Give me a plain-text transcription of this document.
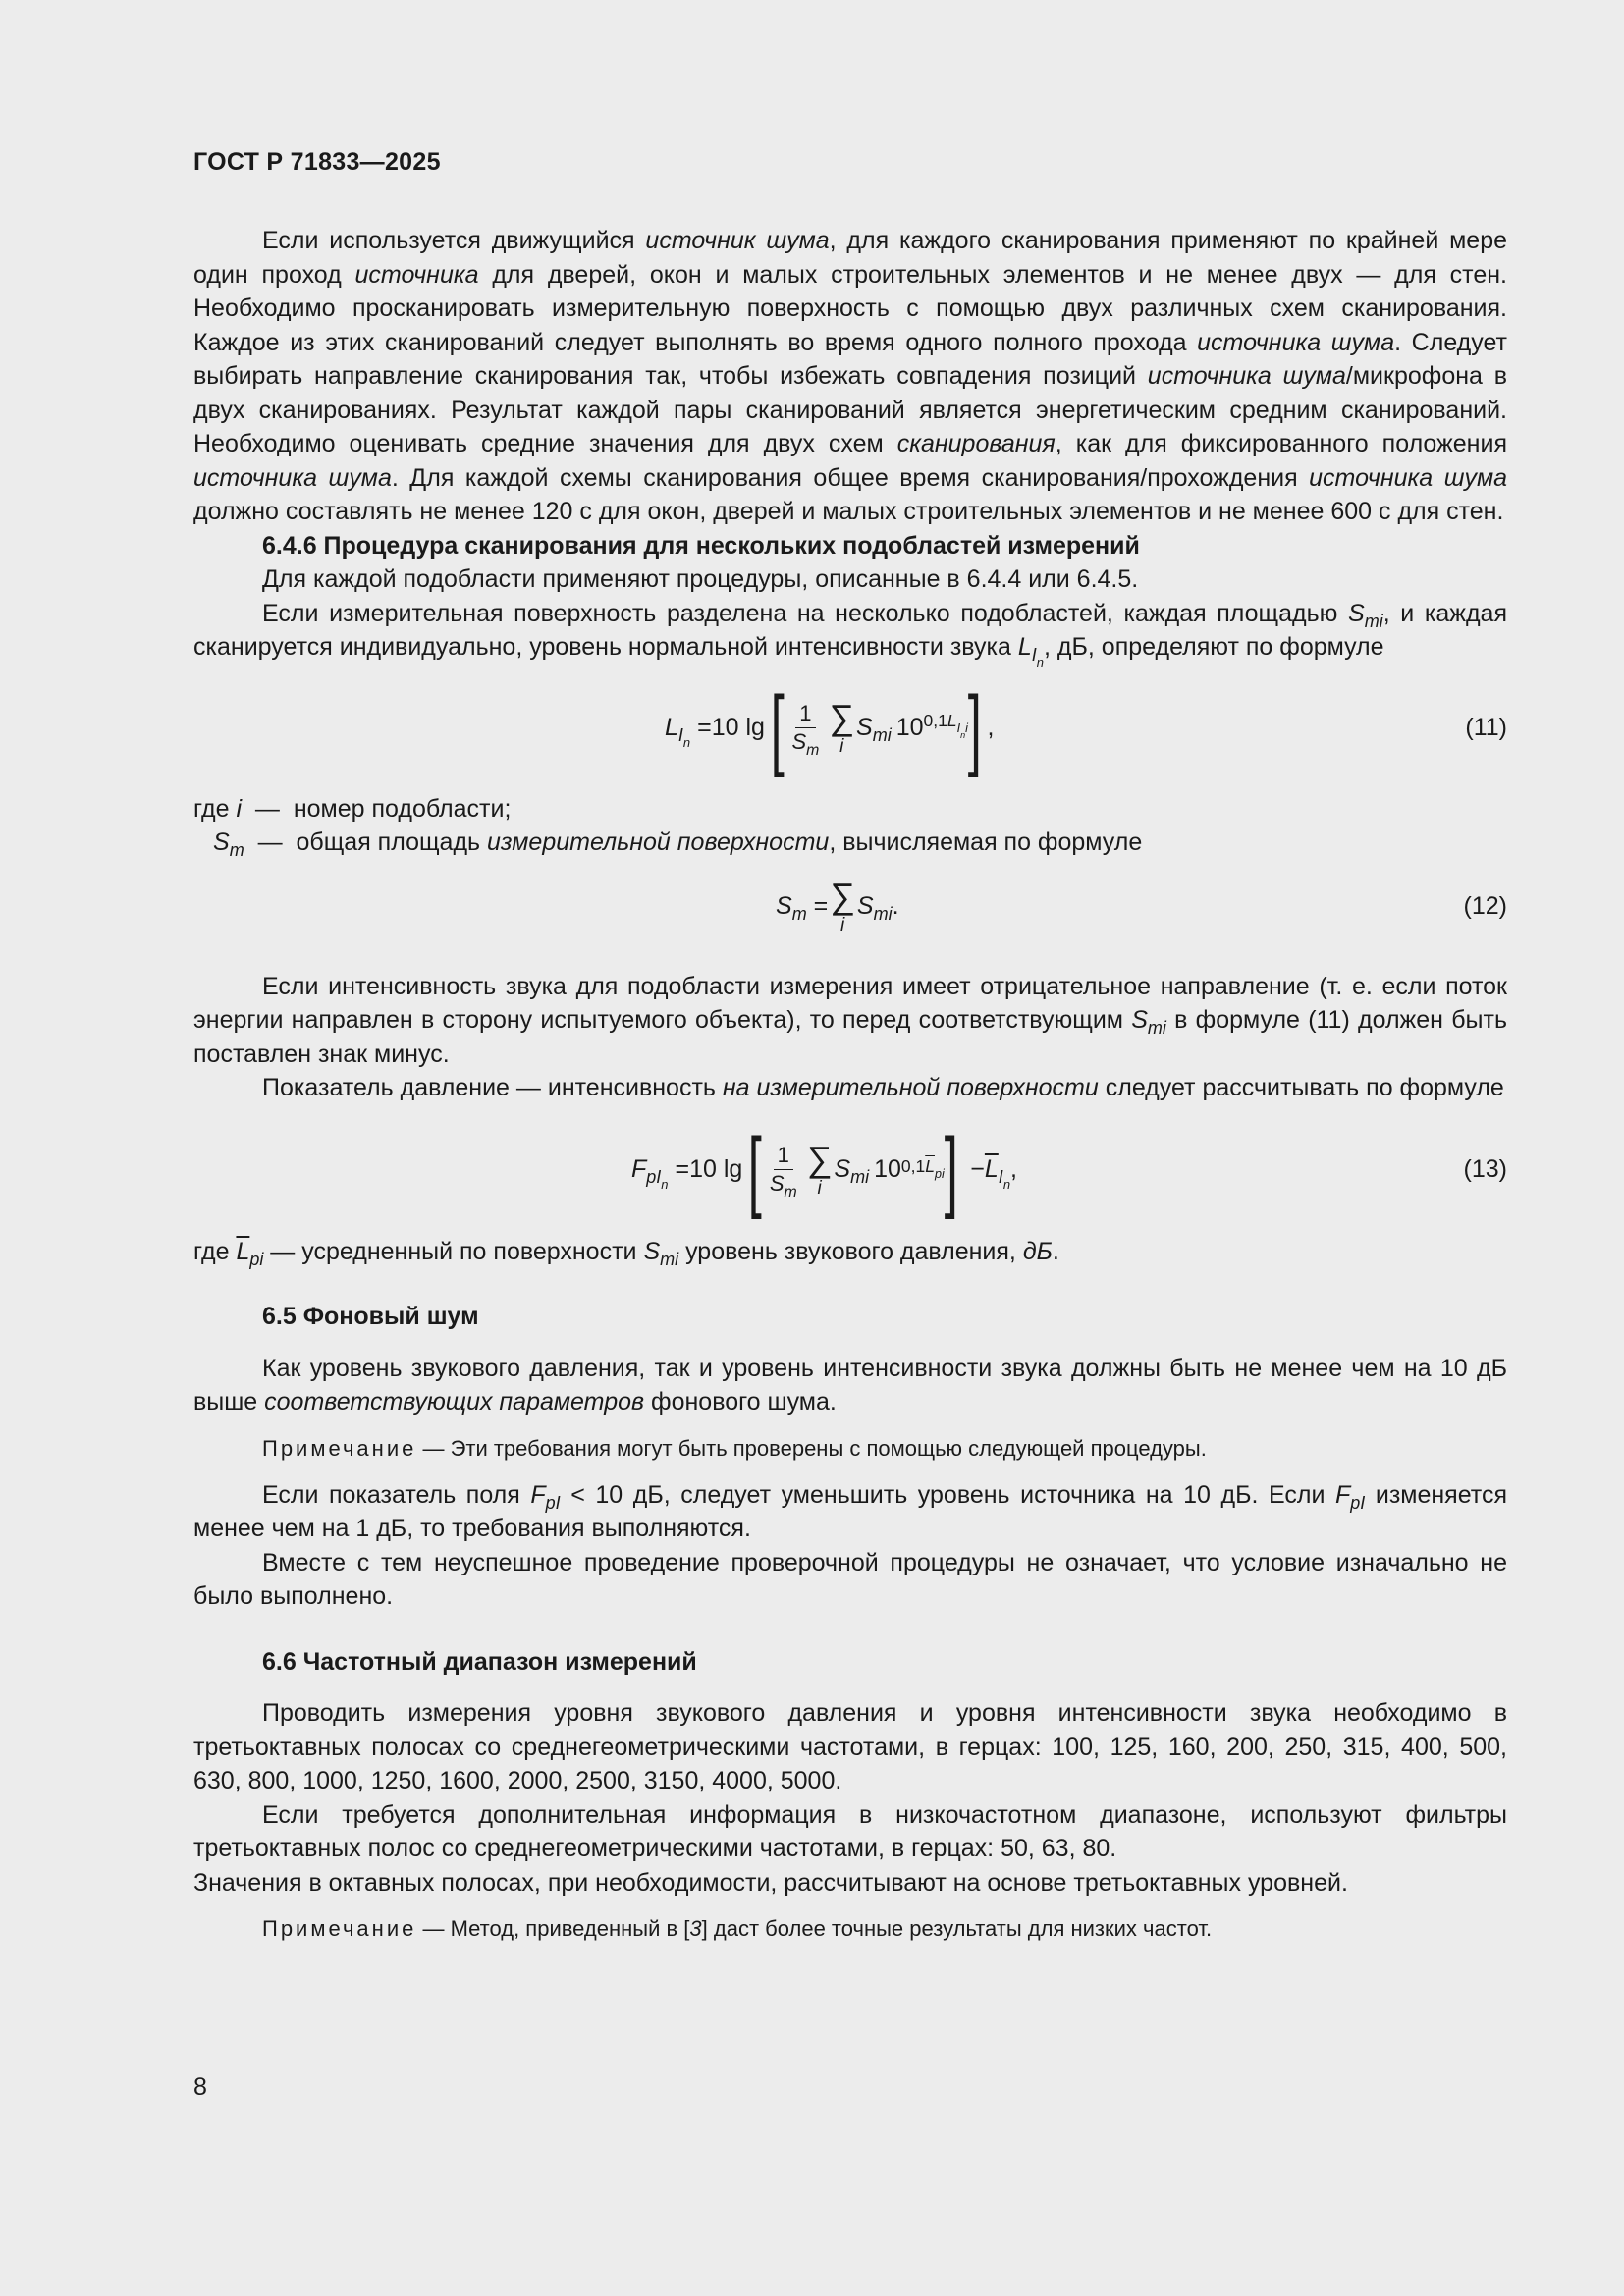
ГОСТ Р 71833—2025

Если используется движущийся источник шума, для каждого сканирования применяют по крайней мере один проход источника для дверей, окон и малых строительных элементов и не менее двух — для стен. Необходимо просканировать измерительную поверхность с помощью двух различных схем сканирования. Каждое из этих сканирований следует выполнять во время одного полного прохода источника шума. Следует выбирать направление сканирования так, чтобы избежать совпадения позиций источника шума/микрофона в двух сканированиях. Результат каждой пары сканирований является энергетическим средним сканирований. Необходимо оценивать средние значения для двух схем сканирования, как для фиксированного положения источника шума. Для каждой схемы сканирования общее время сканирования/прохождения источника шума должно составлять не менее 120 с для окон, дверей и малых строительных элементов и не менее 600 с для стен.

6.4.6 Процедура сканирования для нескольких подобластей измерений

Для каждой подобласти применяют процедуры, описанные в 6.4.4 или 6.4.5.

Если измерительная поверхность разделена на несколько подобластей, каждая площадью $S_{mi}$, и каждая сканируется индивидуально, уровень нормальной интенсивности звука $L_{I_n}$, дБ, определяют по формуле

$L_{I_n}$
= 10 lg [ $\frac{1}{S_m}$ ∑
i
$S_{mi}$
  10 $0,1L_{I_ni}$ ] ,	(11)

где i — номер подобласти;

$S_m$ — общая площадь измерительной поверхности, вычисляемая по формуле

$S_m$ = ∑
i
$S_{mi}$ .	(12)

Если интенсивность звука для подобласти измерения имеет отрицательное направление (т. е. если поток энергии направлен в сторону испытуемого объекта), то перед соответствующим $S_{mi}$ в формуле (11) должен быть поставлен знак минус.

Показатель давление — интенсивность на измерительной поверхности следует рассчитывать по формуле

$F_{pI_n}$
= 10 lg [ $\frac{1}{S_m}$ ∑
i
$S_{mi}$
  10 $0,1\overline{L}_{pi}$ ] − $\overline{L}_{I_n}$
,	(13)

где $\overline{L}_{pi}$ — усредненный по поверхности $S_{mi}$ уровень звукового давления, дБ.

6.5 Фоновый шум

Как уровень звукового давления, так и уровень интенсивности звука должны быть не менее чем на 10 дБ выше соответствующих параметров фонового шума.

Примечание — Эти требования могут быть проверены с помощью следующей процедуры.

Если показатель поля $F_{pI} < 10$ дБ, следует уменьшить уровень источника на 10 дБ. Если $F_{pI}$ изменяется менее чем на 1 дБ, то требования выполняются.

Вместе с тем неуспешное проведение проверочной процедуры не означает, что условие изначально не было выполнено.

6.6 Частотный диапазон измерений

Проводить измерения уровня звукового давления и уровня интенсивности звука необходимо в третьоктавных полосах со среднегеометрическими частотами, в герцах: 100, 125, 160, 200, 250, 315, 400, 500, 630, 800, 1000, 1250, 1600, 2000, 2500, 3150, 4000, 5000.

Если требуется дополнительная информация в низкочастотном диапазоне, используют фильтры третьоктавных полос со среднегеометрическими частотами, в герцах: 50, 63, 80.

Значения в октавных полосах, при необходимости, рассчитывают на основе третьоктавных уровней.

Примечание — Метод, приведенный в [3] даст более точные результаты для низких частот.

8
